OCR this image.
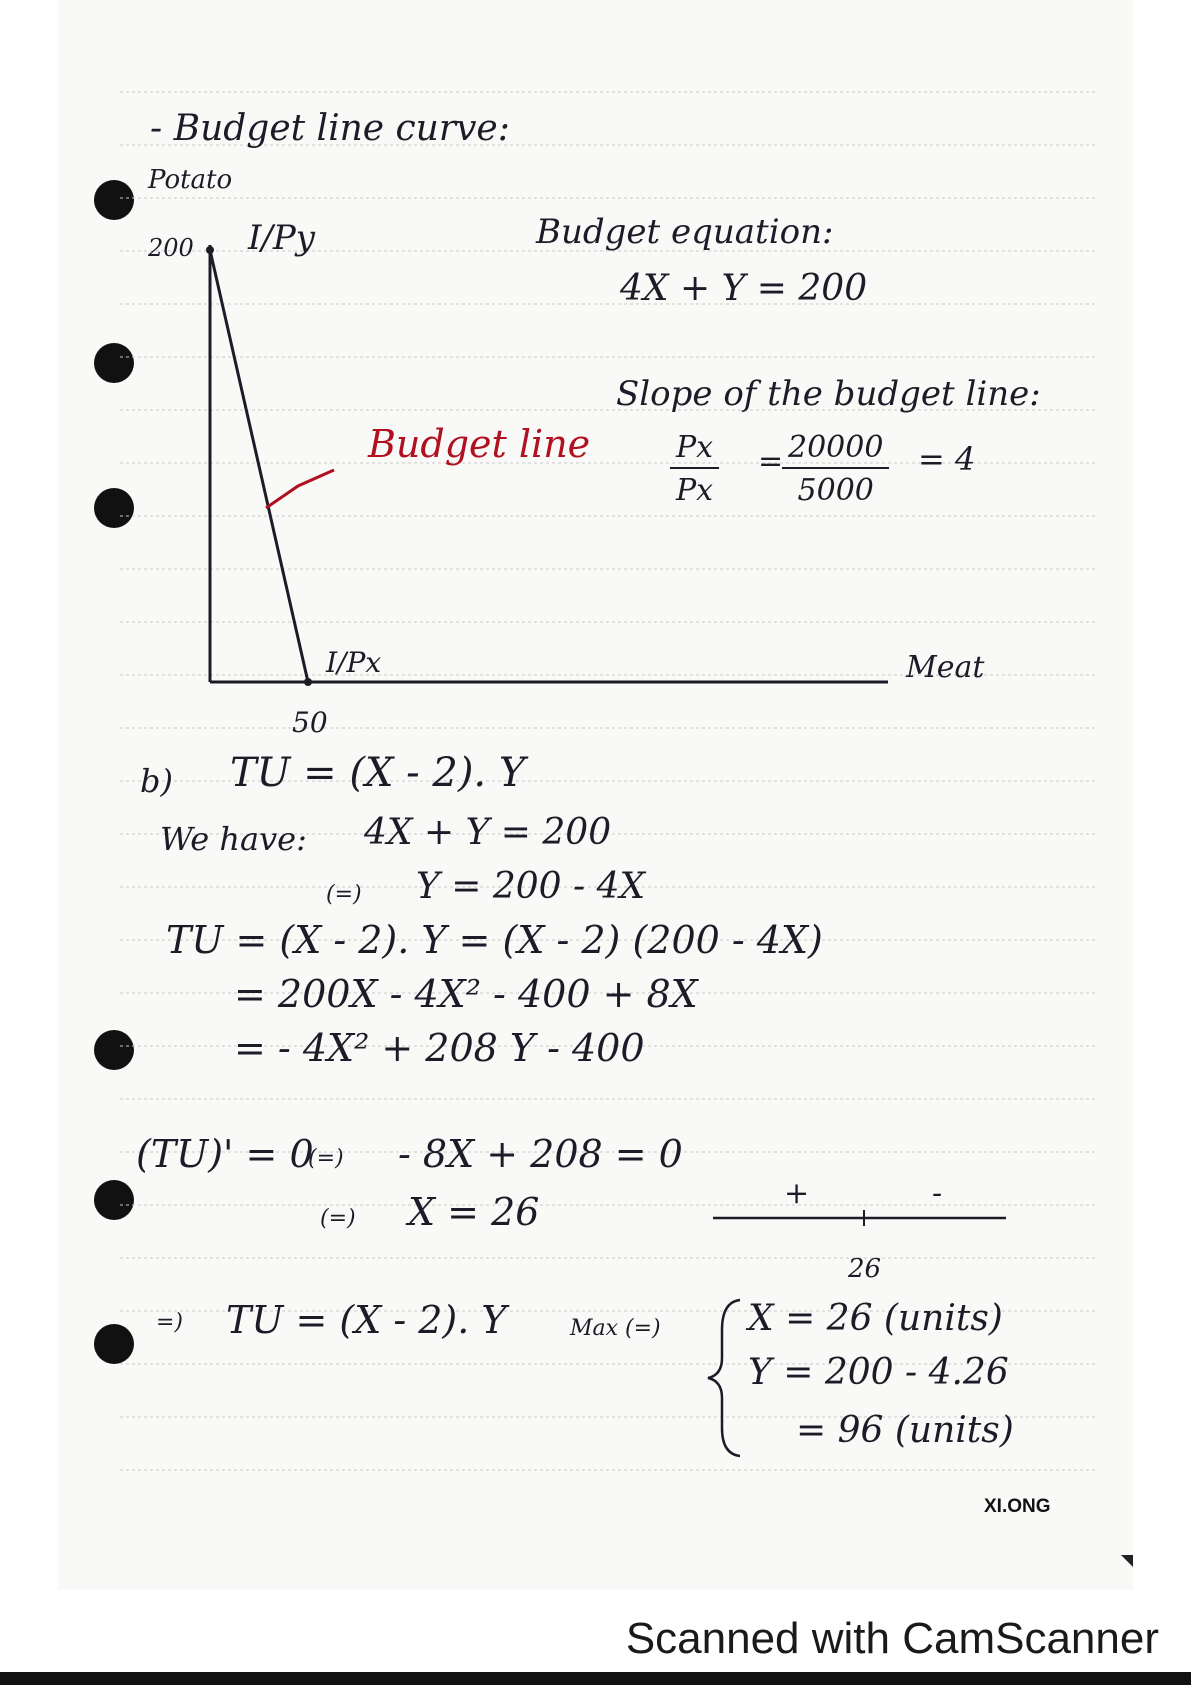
- Budget line curve:
Potato
200 I/Py
Budget line
I/Px	Meat
50
Budget equation:
4X + Y = 200
Slope of the budget line:
$\frac{Px}{Px}$ =
$\frac{20000}{5000} = 4$
b) TU = (X - 2). Y
We have: 4X + Y = 200
(=) Y = 200 - 4X
TU = (X - 2). Y = (X - 2) (200 - 4X)
= 200X - 4X² - 400 + 8X
= - 4X² + 208 Y - 400
(TU)' = 0
(=) - 8X + 208 = 0
(=) X = 26	+	-
26
=) TU = (X - 2). Y	Max (=) X = 26 (units)
Y = 200 - 4.26
= 96 (units)
XI.ONG
Scanned with CamScanner
